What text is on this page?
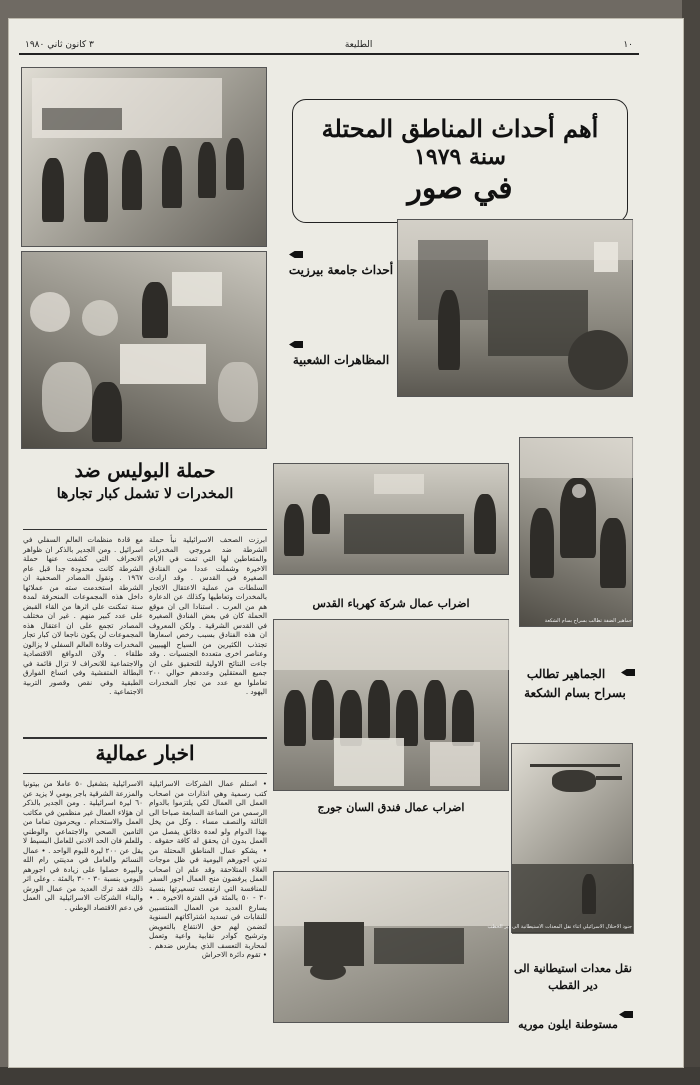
١٠
الطليعة
٣ كانون ثاني ١٩٨٠
أهم أحداث المناطق المحتلة
سنة ١٩٧٩
في صور
أحداث جامعة بيرزيت
المظاهرات الشعبية
حملة البوليس ضد
المخدرات لا تشمل كبار تجارها
ابرزت الصحف الاسرائيلية نبأ حملة الشرطة ضد مروجي المخدرات والمتعاطين لها التي تمت في الايام الاخيرة وشملت عددا من الفنادق الصغيرة في القدس . وقد ارادت السلطات من عملية الاعتقال الاتجار بالمخدرات وتعاطيها وكذلك عن الدعارة هم من العرب . استنادا الى ان موقع الحملة كان في بعض الفنادق الصغيرة في القدس الشرقية . ولكن المعروف ان هذه الفنادق بسبب رخص اسعارها تجتذب الكثيرين من السياح الهيبيين وعناصر اخرى متعددة الجنسيات . وقد جاءت النتائج الاولية للتحقيق على ان جميع المعتقلين وعددهم حوالي ٢٠٠ تعاملوا مع عدد من تجار المخدرات اليهود .
مع قادة منظمات العالم السفلي في اسرائيل . ومن الجدير بالذكر ان ظواهر الانحراف التي كشفت عنها حملة الشرطة كانت محدودة جدا قبل عام ١٩٦٧ . ونقول المصادر الصحفية ان الشرطة استخدمت سته من عملائها داخل هذه المجموعات المنحرفة لمدة سنة تمكنت على اثرها من القاء القبض على عدد كبير منهم . غير ان مختلف المصادر تجمع على ان اعتقال هذه المجموعات لن يكون ناجعا لان كبار تجار المخدرات وقادة العالم السفلي لا يزالون طلقاء . ولان الدوافع الاقتصادية والاجتماعية للانحراف لا تزال قائمة في البطالة المتفشية وفي اتساع الفوارق الطبقية وفي نقص وقصور التربية الاجتماعية .
اخبار عمالية
• استلم عمال الشركات الاسرائيلية كتب رسمية وهي انذارات من اصحاب العمل الى العمال لكي يلتزموا بالدوام الرسمي من الساعة السابعة صباحا الى الثالثة والنصف مساء . وكل من يخل بهذا الدوام ولو لعدة دقائق يفصل من العمل بدون ان يحقق له كافة حقوقه . • يشكو عمال المناطق المحتلة من تدني اجورهم اليومية في ظل موجات الغلاء المتلاحقة وقد علم ان اصحاب العمل يرفضون منح العمال اجور السفر للمنافسة التي ارتفعت تسعيرتها بنسبة ٣٠ - ٥٠ بالمئة في الفترة الاخيرة . • يسارع العديد من العمال المنتسبين للنقابات في تسديد اشتراكاتهم السنوية لتضمن لهم حق الانتفاع بالتعويض وترشيح كوادر نقابية واعية وتعمل لمحاربة التعسف الذي يمارس ضدهم . • تقوم دائرة الاحراش
الاسرائيلية بتشغيل ٥٠ عاملا من بيتونيا والمزرعة الشرقية باجر يومي لا يزيد عن ٦٠ ليرة اسرائيلية . ومن الجدير بالذكر ان هؤلاء العمال غير منظمين في مكاتب العمل والاستخدام . ويحرمون تماما من التامين الصحي والاجتماعي والوطني وللعلم فان الحد الادنى للعامل البسيط لا يقل عن ٢٠٠ ليرة للبوم الواحد . • عمال النسائم والعامل في مدينتي رام الله والبيرة حصلوا على زيادة في اجورهم اليومي بنسبة ٣٠ - ٣٠ بالمئة . وعلى اثر ذلك فقد ترك العديد من عمال الورش والبناء الشركات الاسرائيلية الى العمل في دعم الاقتصاد الوطني .
اضراب عمال شركة كهرباء القدس
اضراب عمال فندق السان جورج
جماهير الضفة تطالب بسراح بسام الشكعة
الجماهير تطالب بسراح بسام الشكعة
جنود الاحتلال الاسرائيلي اثناء نقل المعدات الاستيطانية الى دير الحطب
نقل معدات استيطانية الى دير القطب
مستوطنة ايلون موريه
